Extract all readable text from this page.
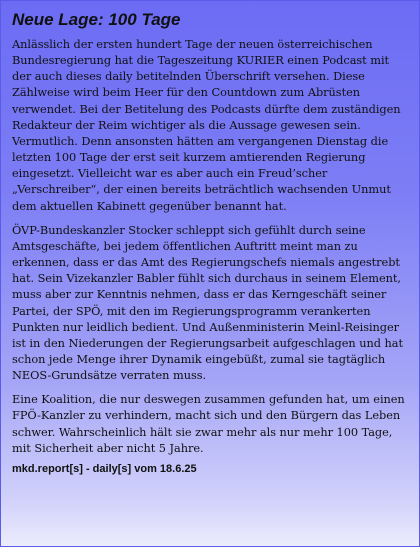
Neue Lage: 100 Tage

Anlässlich der ersten hundert Tage der neuen österreichischen Bundesregierung hat die Tageszeitung KURIER einen Podcast mit der auch dieses daily betitelnden Überschrift versehen. Diese Zählweise wird beim Heer für den Countdown zum Abrüsten verwendet. Bei der Betitelung des Podcasts dürfte dem zuständigen Redakteur der Reim wichtiger als die Aussage gewesen sein. Vermutlich. Denn ansonsten hätten am vergangenen Dienstag die letzten 100 Tage der erst seit kurzem amtierenden Regierung eingesetzt. Vielleicht war es aber auch ein Freud’scher „Verschreiber“, der einen bereits beträchtlich wachsenden Unmut dem aktuellen Kabinett gegenüber benannt hat.

ÖVP-Bundeskanzler Stocker schleppt sich gefühlt durch seine Amtsgeschäfte, bei jedem öffentlichen Auftritt meint man zu erkennen, dass er das Amt des Regierungschefs niemals angestrebt hat. Sein Vizekanzler Babler fühlt sich durchaus in seinem Element, muss aber zur Kenntnis nehmen, dass er das Kerngeschäft seiner Partei, der SPÖ, mit den im Regierungsprogramm verankerten Punkten nur leidlich bedient. Und Außenministerin Meinl-Reisinger ist in den Niederungen der Regierungsarbeit aufgeschlagen und hat schon jede Menge ihrer Dynamik eingebüßt, zumal sie tagtäglich NEOS-Grundsätze verraten muss.

Eine Koalition, die nur deswegen zusammen gefunden hat, um einen FPÖ-Kanzler zu verhindern, macht sich und den Bürgern das Leben schwer. Wahrscheinlich hält sie zwar mehr als nur mehr 100 Tage, mit Sicherheit aber nicht 5 Jahre.

mkd.report[s] - daily[s] vom 18.6.25
